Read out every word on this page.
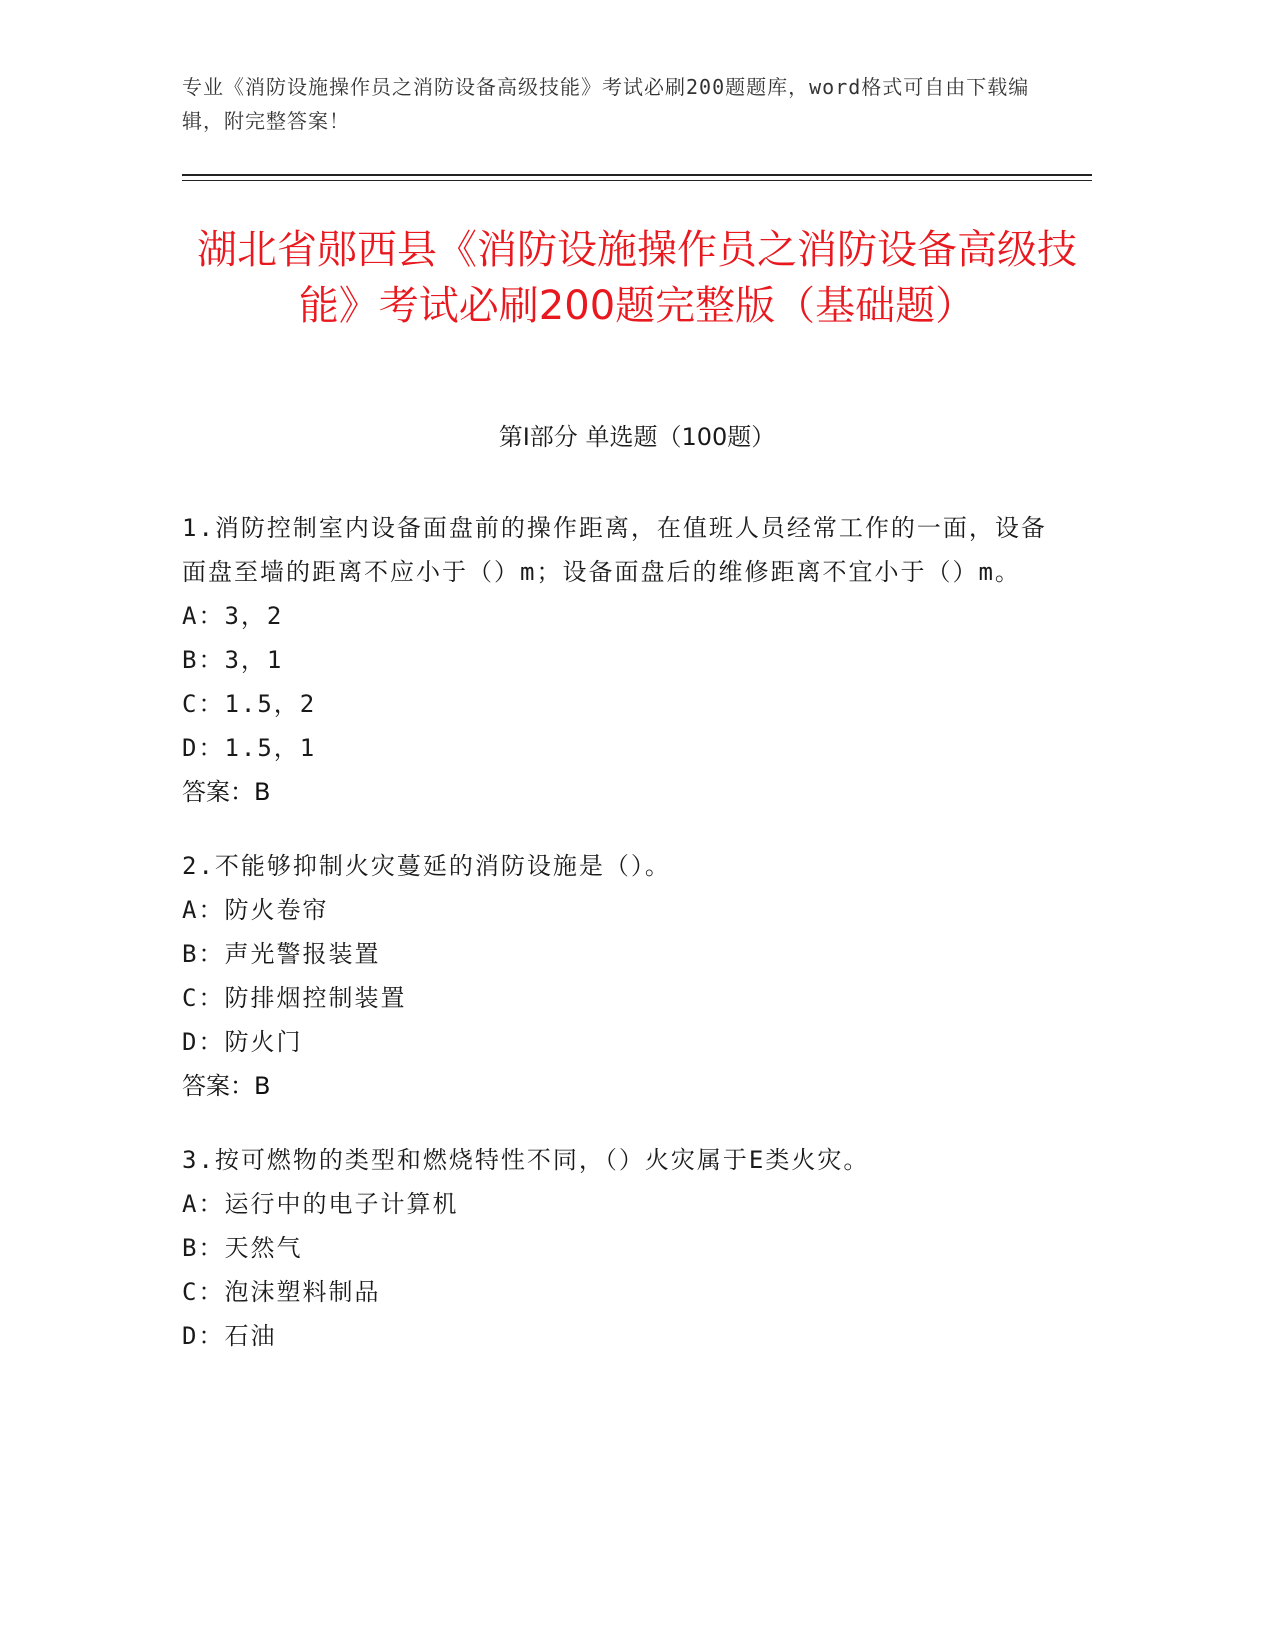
专业《消防设施操作员之消防设备高级技能》考试必刷200题题库，word格式可自由下载编辑，附完整答案！
湖北省郧西县《消防设施操作员之消防设备高级技能》考试必刷200题完整版（基础题）
第I部分 单选题（100题）
1.消防控制室内设备面盘前的操作距离，在值班人员经常工作的一面，设备面盘至墙的距离不应小于（）m；设备面盘后的维修距离不宜小于（）m。
A：3，2
B：3，1
C：1.5，2
D：1.5，1
答案：B
2.不能够抑制火灾蔓延的消防设施是（）。
A：防火卷帘
B：声光警报装置
C：防排烟控制装置
D：防火门
答案：B
3.按可燃物的类型和燃烧特性不同，（）火灾属于E类火灾。
A：运行中的电子计算机
B：天然气
C：泡沫塑料制品
D：石油
